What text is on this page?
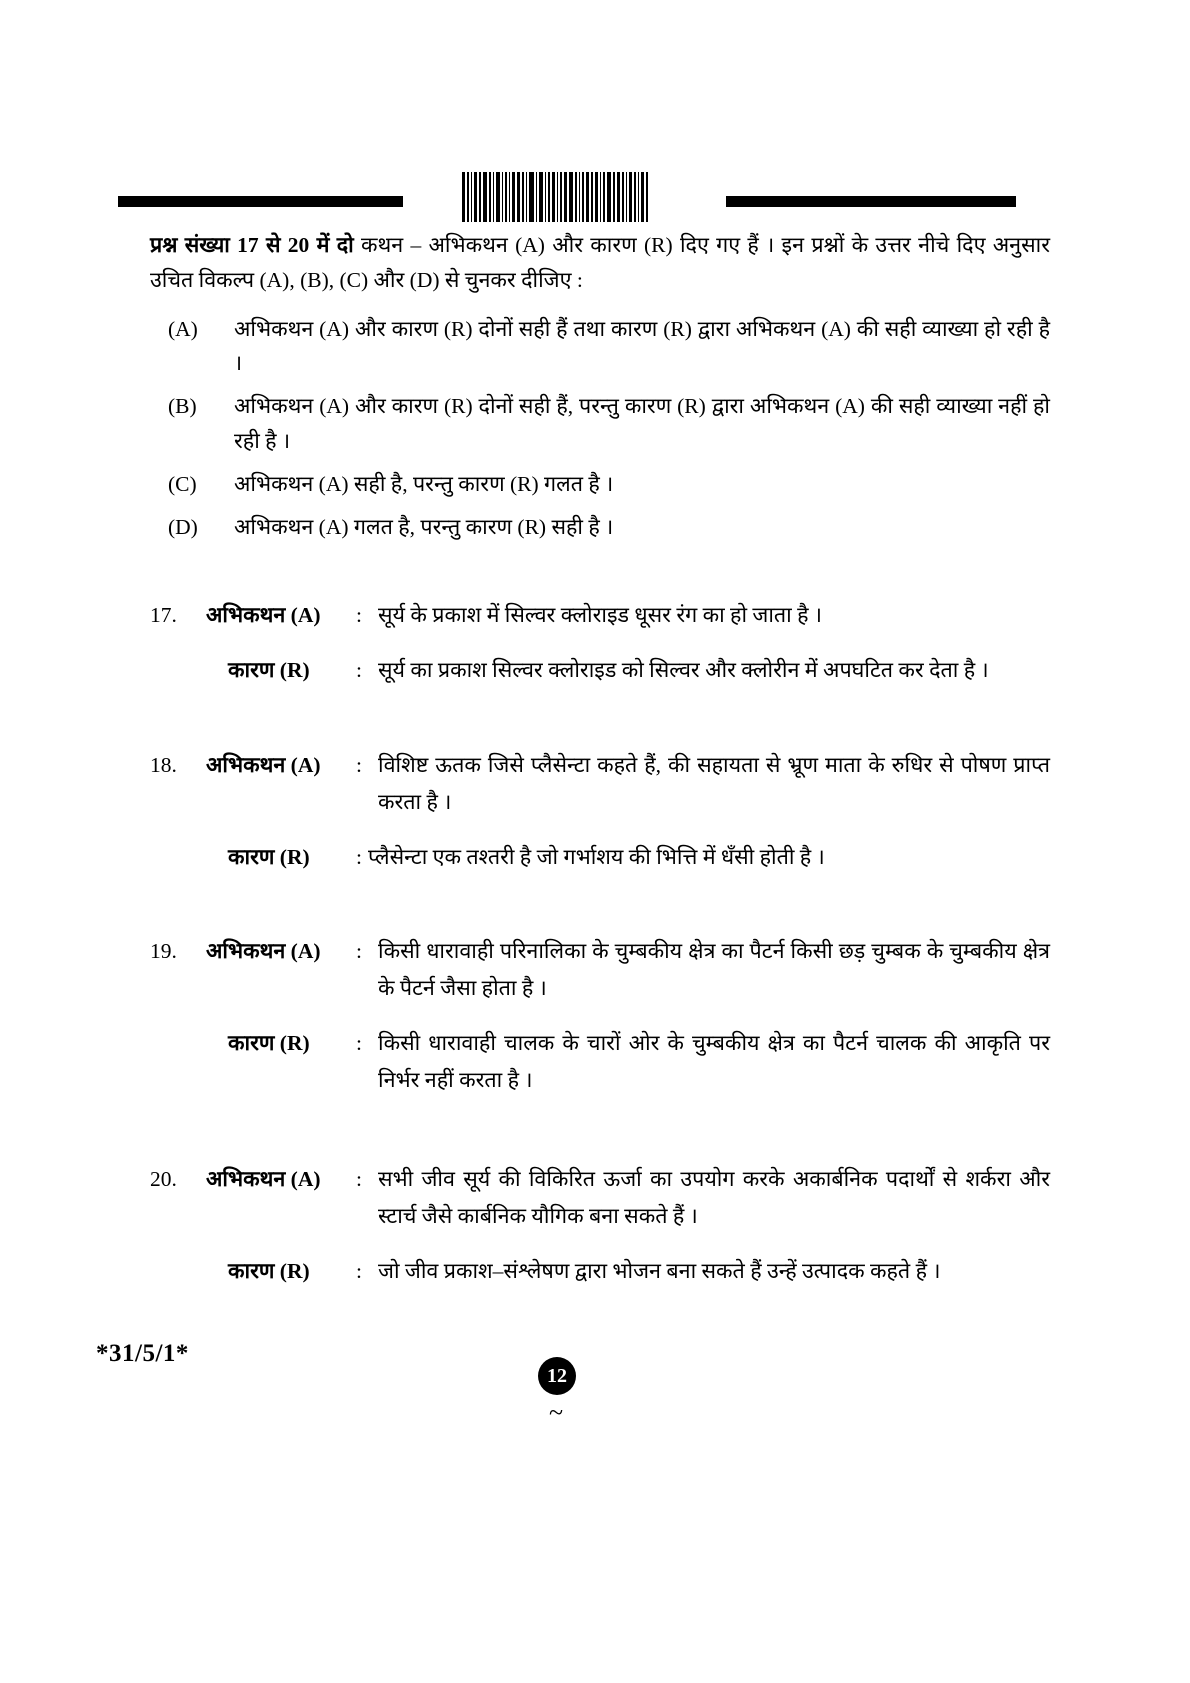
प्रश्न संख्या 17 से 20 में दो कथन – अभिकथन (A) और कारण (R) दिए गए हैं । इन प्रश्नों के उत्तर नीचे दिए अनुसार उचित विकल्प (A), (B), (C) और (D) से चुनकर दीजिए :

(A)	अभिकथन (A) और कारण (R) दोनों सही हैं तथा कारण (R) द्वारा अभिकथन (A) की सही व्याख्या हो रही है ।
(B)	अभिकथन (A) और कारण (R) दोनों सही हैं, परन्तु कारण (R) द्वारा अभिकथन (A) की सही व्याख्या नहीं हो रही है ।
(C)	अभिकथन (A) सही है, परन्तु कारण (R) गलत है ।
(D)	अभिकथन (A) गलत है, परन्तु कारण (R) सही है ।
17.	अभिकथन (A)	: सूर्य के प्रकाश में सिल्वर क्लोराइड धूसर रंग का हो जाता है ।
कारण (R)	: सूर्य का प्रकाश सिल्वर क्लोराइड को सिल्वर और क्लोरीन में अपघटित कर देता है ।
18.	अभिकथन (A)	: विशिष्ट ऊतक जिसे प्लैसेन्टा कहते हैं, की सहायता से भ्रूण माता के रुधिर से पोषण प्राप्त करता है ।
कारण (R)	: प्लैसेन्टा एक तश्तरी है जो गर्भाशय की भित्ति में धँसी होती है ।
19.	अभिकथन (A)	: किसी धारावाही परिनालिका के चुम्बकीय क्षेत्र का पैटर्न किसी छड़ चुम्बक के चुम्बकीय क्षेत्र के पैटर्न जैसा होता है ।
कारण (R)	: किसी धारावाही चालक के चारों ओर के चुम्बकीय क्षेत्र का पैटर्न चालक की आकृति पर निर्भर नहीं करता है ।
20.	अभिकथन (A)	: सभी जीव सूर्य की विकिरित ऊर्जा का उपयोग करके अकार्बनिक पदार्थों से शर्करा और स्टार्च जैसे कार्बनिक यौगिक बना सकते हैं ।
कारण (R)	: जो जीव प्रकाश–संश्लेषण द्वारा भोजन बना सकते हैं उन्हें उत्पादक कहते हैं ।
*31/5/1*
12
~
